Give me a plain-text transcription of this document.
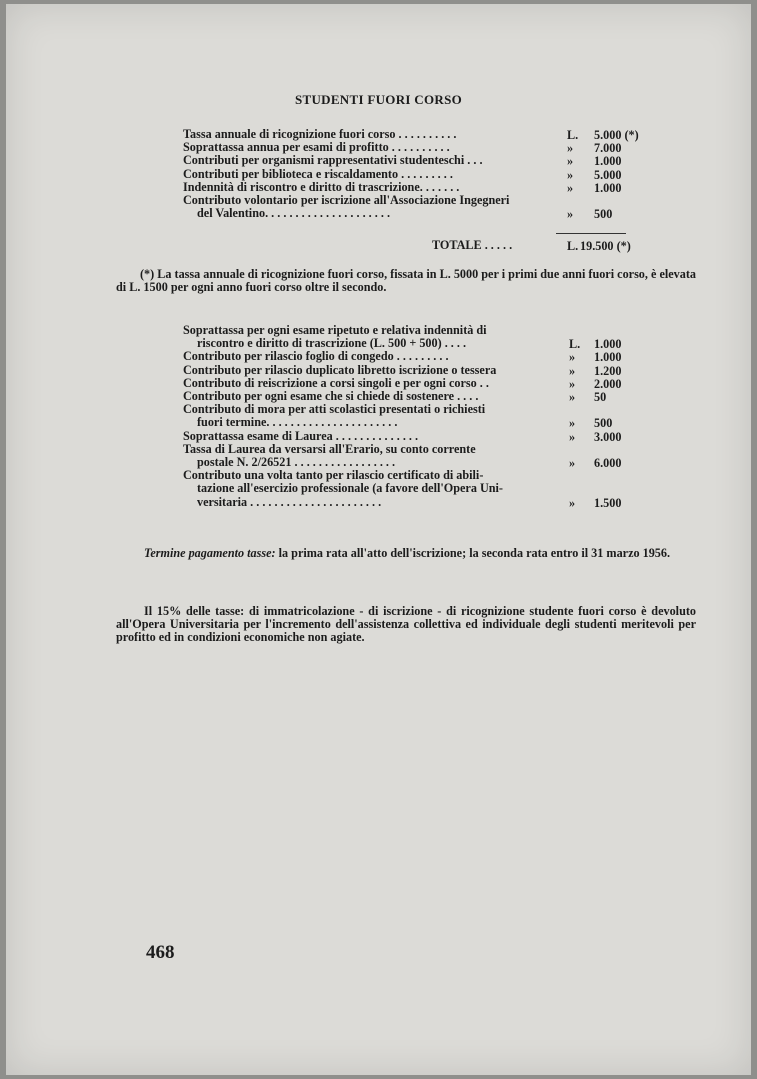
STUDENTI FUORI CORSO
Tassa annuale di ricognizione fuori corso . . . . . . . . . .	L. 5.000 (*)
Soprattassa annua per esami di profitto . . . . . . . . . .	» 7.000
Contributi per organismi rappresentativi studenteschi . . .	» 1.000
Contributi per biblioteca e riscaldamento . . . . . . . . .	» 5.000
Indennità di riscontro e diritto di trascrizione. . . . . . .	» 1.000
Contributo volontario per iscrizione all'Associazione Ingegneri
del Valentino. . . . . . . . . . . . . . . . . . . . .	» 500
TOTALE . . . . .	L. 19.500 (*)
(*) La tassa annuale di ricognizione fuori corso, fissata in L. 5000 per i primi due anni fuori corso, è elevata di L. 1500 per ogni anno fuori corso oltre il secondo.
Soprattassa per ogni esame ripetuto e relativa indennità di
riscontro e diritto di trascrizione (L. 500 + 500) . . . .	L. 1.000
Contributo per rilascio foglio di congedo . . . . . . . . .	» 1.000
Contributo per rilascio duplicato libretto iscrizione o tessera	» 1.200
Contributo di reiscrizione a corsi singoli e per ogni corso . .	» 2.000
Contributo per ogni esame che si chiede di sostenere . . . .	» 50
Contributo di mora per atti scolastici presentati o richiesti
fuori termine. . . . . . . . . . . . . . . . . . . . . .	» 500
Soprattassa esame di Laurea . . . . . . . . . . . . . .	» 3.000
Tassa di Laurea da versarsi all'Erario, su conto corrente
postale N. 2/26521 . . . . . . . . . . . . . . . . .	» 6.000
Contributo una volta tanto per rilascio certificato di abili-
tazione all'esercizio professionale (a favore dell'Opera Uni-
versitaria . . . . . . . . . . . . . . . . . . . . . .	» 1.500
Termine pagamento tasse: la prima rata all'atto dell'iscrizione; la seconda rata entro il 31 marzo 1956.
Il 15% delle tasse: di immatricolazione - di iscrizione - di ricognizione studente fuori corso è devoluto all'Opera Universitaria per l'incremento dell'assistenza collettiva ed individuale degli studenti meritevoli per profitto ed in condizioni economiche non agiate.
468
